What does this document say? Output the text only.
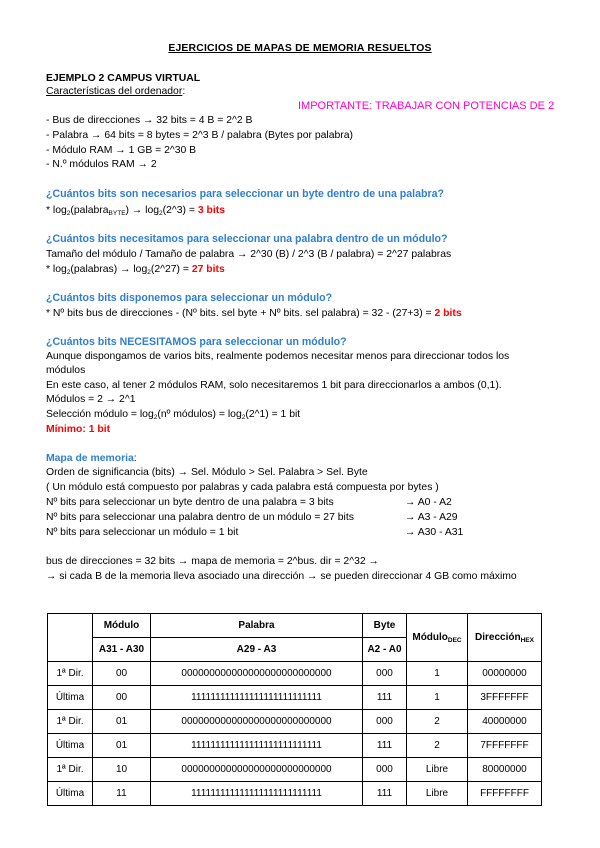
EJERCICIOS DE MAPAS DE MEMORIA RESUELTOS
EJEMPLO 2 CAMPUS VIRTUAL
Características del ordenador:
IMPORTANTE: TRABAJAR CON POTENCIAS DE 2
- Bus de direcciones → 32 bits = 4 B = 2^2 B
- Palabra → 64 bits = 8 bytes = 2^3 B / palabra (Bytes por palabra)
- Módulo RAM → 1 GB = 2^30 B
- N.º módulos RAM → 2
¿Cuántos bits son necesarios para seleccionar un byte dentro de una palabra?
* $\log_2(palabra_{BYTE})$ → $\log_2(2\^{}3) = 3$ bits
¿Cuántos bits necesitamos para seleccionar una palabra dentro de un módulo?
Tamaño del módulo / Tamaño de palabra → 2^30 (B) / 2^3 (B / palabra) = 2^27 palabras
* $\log_2(palabras)$ → $\log_2(2\^{}27) = 27$ bits
¿Cuántos bits disponemos para seleccionar un módulo?
* Nº bits bus de direcciones - (Nº bits. sel byte + Nº bits. sel palabra) = 32 - (27+3) = 2 bits
¿Cuántos bits NECESITAMOS para seleccionar un módulo?
Aunque dispongamos de varios bits, realmente podemos necesitar menos para direccionar todos los
módulos
En este caso, al tener 2 módulos RAM, solo necesitaremos 1 bit para direccionarlos a ambos (0,1).
Módulos = 2 → 2^1
Selección módulo = $\log_2(nº$ módulos) = $\log_2(2\^{}1) = 1$ bit
Mínimo: 1 bit
Mapa de memoria:
Orden de significancia (bits) → Sel. Módulo > Sel. Palabra > Sel. Byte
( Un módulo está compuesto por palabras y cada palabra está compuesta por bytes )
Nº bits para seleccionar un byte dentro de una palabra = 3 bits	→ A0 - A2
Nº bits para seleccionar una palabra dentro de un módulo = 27 bits	→ A3 - A29
Nº bits para seleccionar un módulo = 1 bit	→ A30 - A31
bus de direcciones = 32 bits → mapa de memoria = 2^bus. dir = 2^32 →
→ si cada B de la memoria lleva asociado una dirección → se pueden direccionar 4 GB como máximo
	Módulo	Palabra	Byte	Módulo$_{DEC}$	Dirección$_{HEX}$
	A31 - A30	A29 - A3	A2 - A0		
1ª Dir.	00	000000000000000000000000000	000	1	00000000
Última	00	111111111111111111111111111	111	1	3FFFFFFF
1ª Dir.	01	000000000000000000000000000	000	2	40000000
Última	01	111111111111111111111111111	111	2	7FFFFFFF
1ª Dir.	10	000000000000000000000000000	000	Libre	80000000
Última	11	111111111111111111111111111	111	Libre	FFFFFFFF
